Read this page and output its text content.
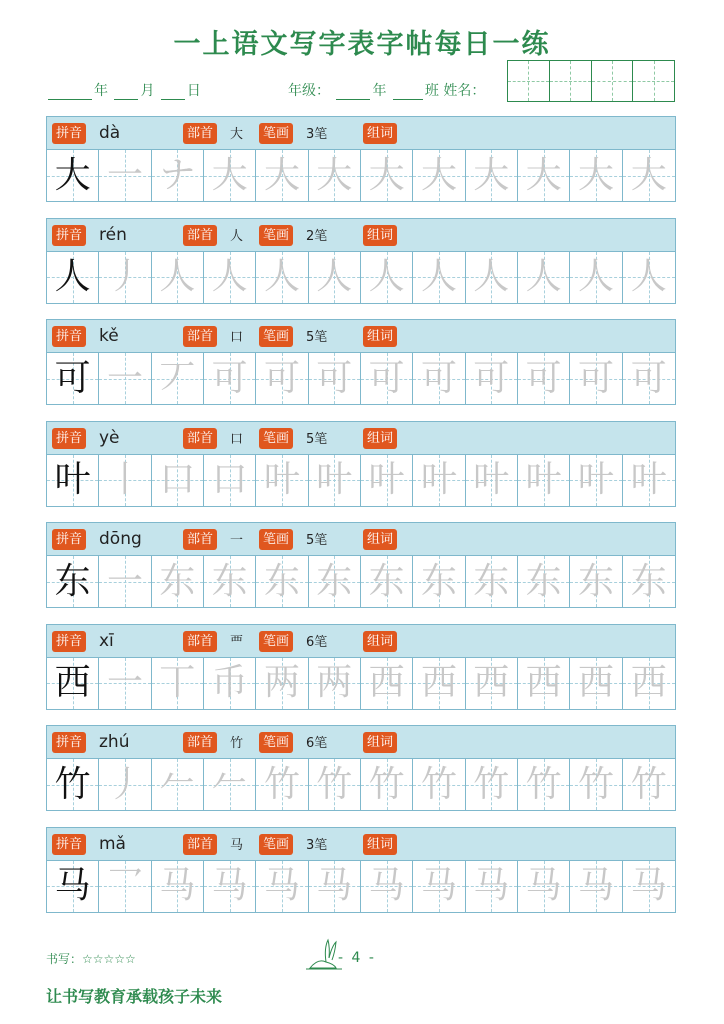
一上语文写字表字帖每日一练
年 月 日	年级：	年	班 姓名：
拼音 dà	部首	大	笔画	3笔	组词
大 一 ナ 大 大 大 大 大 大 大 大 大
拼音 rén	部首	人	笔画	2笔	组词
人 丿 人 人 人 人 人 人 人 人 人 人
拼音 kě	部首	口	笔画	5笔	组词
可 一 丆 可 可 可 可 可 可 可 可 可
拼音 yè	部首	口	笔画	5笔	组词
叶 丨 口 口 叶 叶 叶 叶 叶 叶 叶 叶
拼音 dōng	部首	一	笔画	5笔	组词
东 一 东 东 东 东 东 东 东 东 东 东
拼音 xī	部首	覀	笔画	6笔	组词
西 一 丅 币 两 两 西 西 西 西 西 西
拼音 zhú	部首	竹	笔画	6笔	组词
竹 丿 𠂉 𠂉 竹 竹 竹 竹 竹 竹 竹 竹
拼音 mǎ	部首	马	笔画	3笔	组词
马 乛 马 马 马 马 马 马 马 马 马 马
书写：☆☆☆☆☆	- 4 -
让书写教育承载孩子未来
